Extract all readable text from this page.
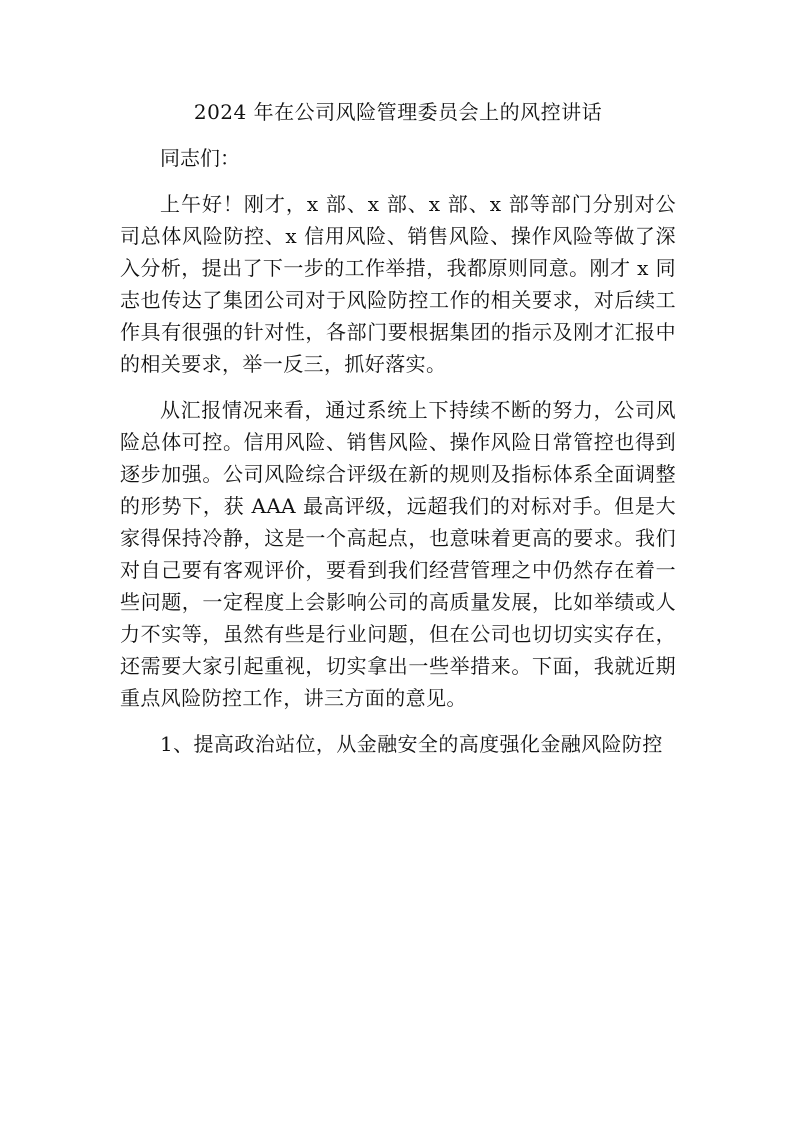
2024 年在公司风险管理委员会上的风控讲话

同志们：

上午好！刚才，x 部、x 部、x 部、x 部等部门分别对公司总体风险防控、x 信用风险、销售风险、操作风险等做了深入分析，提出了下一步的工作举措，我都原则同意。刚才 x 同志也传达了集团公司对于风险防控工作的相关要求，对后续工作具有很强的针对性，各部门要根据集团的指示及刚才汇报中的相关要求，举一反三，抓好落实。

从汇报情况来看，通过系统上下持续不断的努力，公司风险总体可控。信用风险、销售风险、操作风险日常管控也得到逐步加强。公司风险综合评级在新的规则及指标体系全面调整的形势下，获 AAA 最高评级，远超我们的对标对手。但是大家得保持冷静，这是一个高起点，也意味着更高的要求。我们对自己要有客观评价，要看到我们经营管理之中仍然存在着一些问题，一定程度上会影响公司的高质量发展，比如举绩或人力不实等，虽然有些是行业问题，但在公司也切切实实存在，还需要大家引起重视，切实拿出一些举措来。下面，我就近期重点风险防控工作，讲三方面的意见。

1、提高政治站位，从金融安全的高度强化金融风险防控
